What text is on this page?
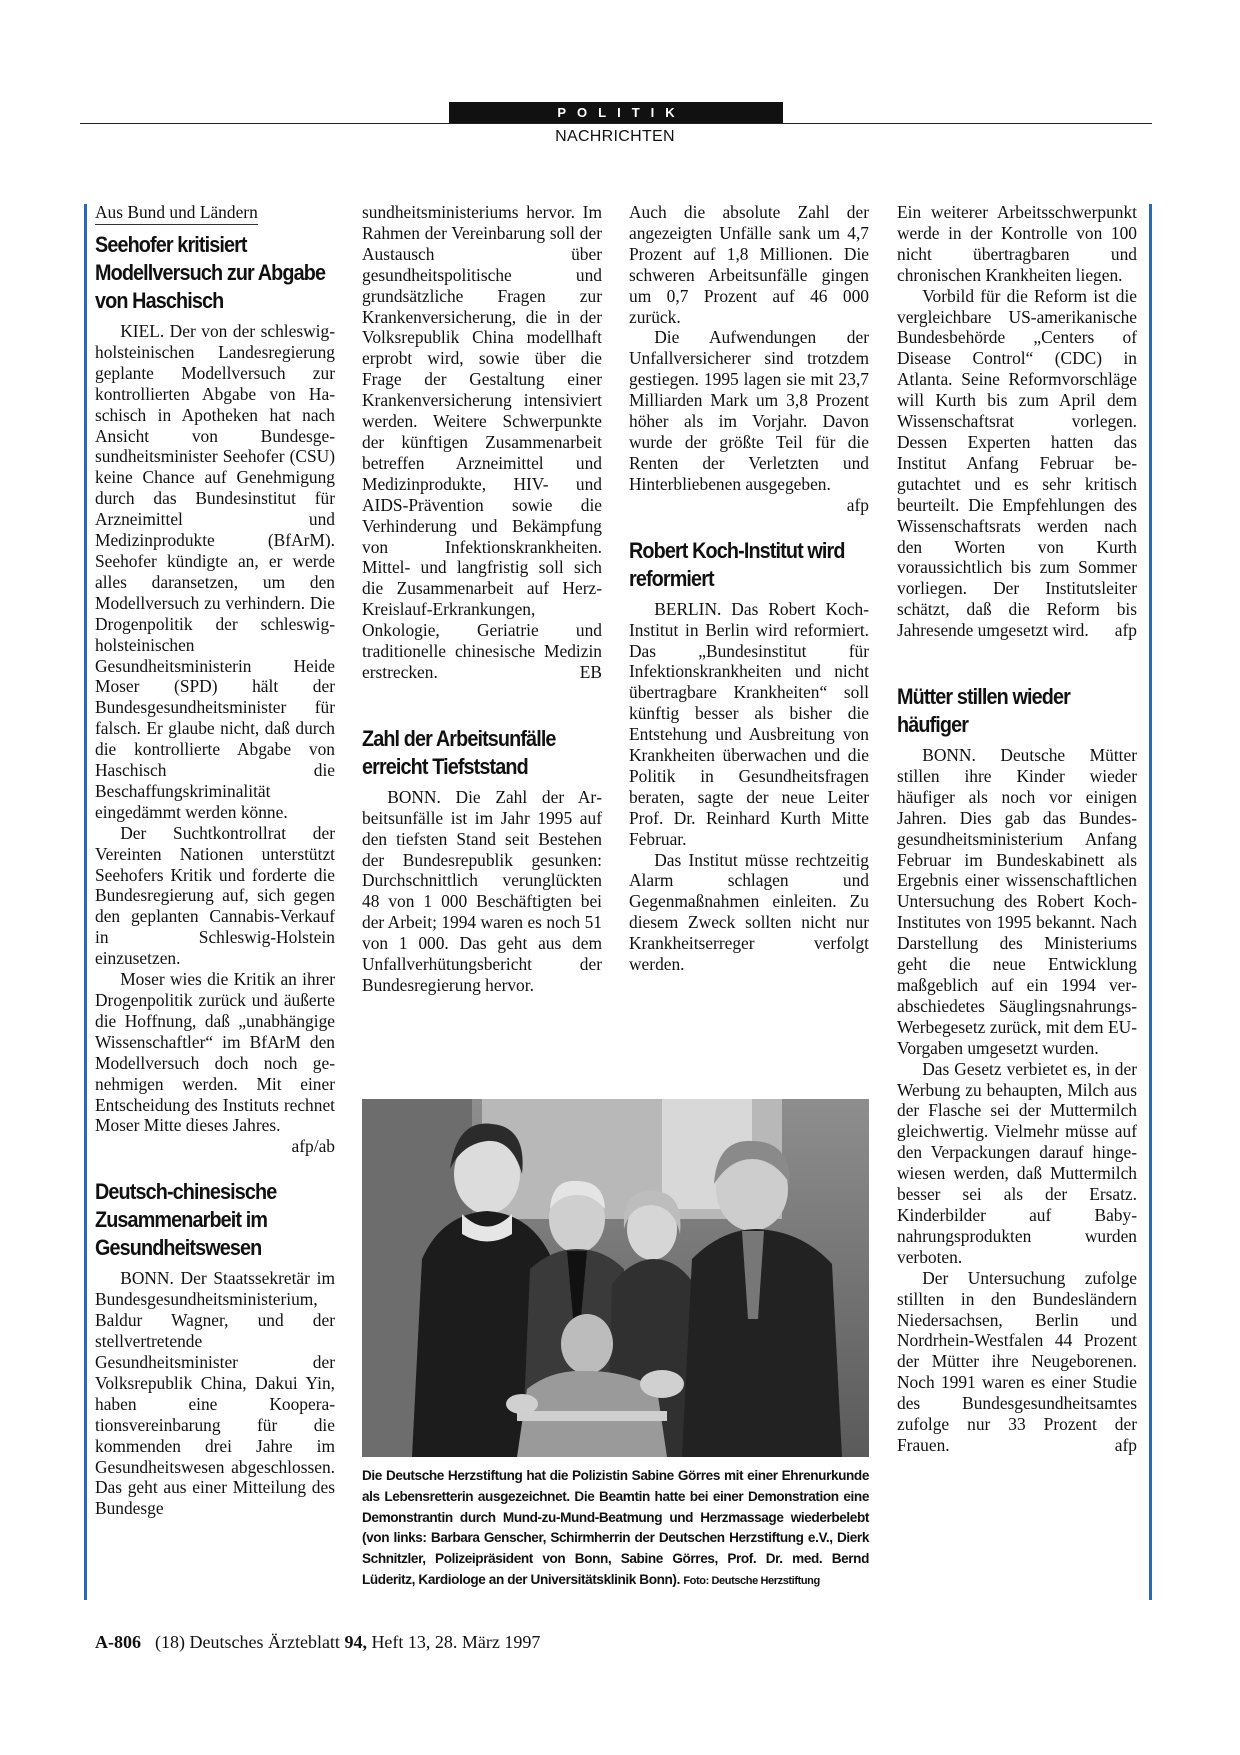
POLITIK
NACHRICHTEN
Aus Bund und Ländern
Seehofer kritisiert Modellversuch zur Abgabe von Haschisch

KIEL. Der von der schleswig-holsteinischen Landesregierung geplante Modellversuch zur kontrollierten Abgabe von Haschisch in Apotheken hat nach Ansicht von Bundesgesundheitsminister Seehofer (CSU) keine Chance auf Genehmigung durch das Bundesinstitut für Arzneimittel und Medizinprodukte (BfArM). Seehofer kündigte an, er werde alles daransetzen, um den Modellversuch zu verhindern. Die Drogenpolitik der schleswig-holsteinischen Gesundheitsministerin Heide Moser (SPD) hält der Bundesgesundheitsminister für falsch. Er glaube nicht, daß durch die kontrollierte Abgabe von Haschisch die Beschaffungskriminalität eingedämmt werden könne.

Der Suchtkontrollrat der Vereinten Nationen unterstützt Seehofers Kritik und forderte die Bundesregierung auf, sich gegen den geplanten Cannabis-Verkauf in Schleswig-Holstein einzusetzen.

Moser wies die Kritik an ihrer Drogenpolitik zurück und äußerte die Hoffnung, daß „unabhängige Wissenschaftler“ im BfArM den Modellversuch doch noch genehmigen werden. Mit einer Entscheidung des Instituts rechnet Moser Mitte dieses Jahres.
afp/ab

Deutsch-chinesische Zusammenarbeit im Gesundheitswesen

BONN. Der Staatssekretär im Bundesgesundheitsministerium, Baldur Wagner, und der stellvertretende Gesundheitsminister der Volksrepublik China, Dakui Yin, haben eine Kooperationsvereinbarung für die kommenden drei Jahre im Gesundheitswesen abgeschlossen. Das geht aus einer Mitteilung des Bundesge

sundheitsministeriums hervor. Im Rahmen der Vereinbarung soll der Austausch über gesundheitspolitische und grundsätzliche Fragen zur Krankenversicherung, die in der Volksrepublik China modellhaft erprobt wird, sowie über die Frage der Gestaltung einer Krankenversicherung intensiviert werden. Weitere Schwerpunkte der künftigen Zusammenarbeit betreffen Arzneimittel und Medizinprodukte, HIV- und AIDS-Prävention sowie die Verhinderung und Bekämpfung von Infektionskrankheiten. Mittel- und langfristig soll sich die Zusammenarbeit auf Herz-Kreislauf-Erkrankungen, Onkologie, Geriatrie und traditionelle chinesische Medizin erstrecken.	EB

Zahl der Arbeitsunfälle erreicht Tiefststand

BONN. Die Zahl der Arbeitsunfälle ist im Jahr 1995 auf den tiefsten Stand seit Bestehen der Bundesrepublik gesunken: Durchschnittlich verunglückten 48 von 1 000 Beschäftigten bei der Arbeit; 1994 waren es noch 51 von 1 000. Das geht aus dem Unfallverhütungsbericht der Bundesregierung hervor.

Auch die absolute Zahl der angezeigten Unfälle sank um 4,7 Prozent auf 1,8 Millionen. Die schweren Arbeitsunfälle gingen um 0,7 Prozent auf 46 000 zurück.

Die Aufwendungen der Unfallversicherer sind trotzdem gestiegen. 1995 lagen sie mit 23,7 Milliarden Mark um 3,8 Prozent höher als im Vorjahr. Davon wurde der größte Teil für die Renten der Verletzten und Hinterbliebenen ausgegeben.
afp

Robert Koch-Institut wird reformiert

BERLIN. Das Robert Koch-Institut in Berlin wird reformiert. Das „Bundesinstitut für Infektionskrankheiten und nicht übertragbare Krankheiten“ soll künftig besser als bisher die Entstehung und Ausbreitung von Krankheiten überwachen und die Politik in Gesundheitsfragen beraten, sagte der neue Leiter Prof. Dr. Reinhard Kurth Mitte Februar.

Das Institut müsse rechtzeitig Alarm schlagen und Gegenmaßnahmen einleiten. Zu diesem Zweck sollten nicht nur Krankheitserreger verfolgt werden.

Ein weiterer Arbeitsschwerpunkt werde in der Kontrolle von 100 nicht übertragbaren und chronischen Krankheiten liegen.

Vorbild für die Reform ist die vergleichbare US-amerikanische Bundesbehörde „Centers of Disease Control“ (CDC) in Atlanta. Seine Reformvorschläge will Kurth bis zum April dem Wissenschaftsrat vorlegen. Dessen Experten hatten das Institut Anfang Februar begutachtet und es sehr kritisch beurteilt. Die Empfehlungen des Wissenschaftsrats werden nach den Worten von Kurth voraussichtlich bis zum Sommer vorliegen. Der Institutsleiter schätzt, daß die Reform bis Jahresende umgesetzt wird.	afp

Mütter stillen wieder häufiger

BONN. Deutsche Mütter stillen ihre Kinder wieder häufiger als noch vor einigen Jahren. Dies gab das Bundesgesundheitsministerium Anfang Februar im Bundeskabinett als Ergebnis einer wissenschaftlichen Untersuchung des Robert Koch-Institutes von 1995 bekannt. Nach Darstellung des Ministeriums geht die neue Entwicklung maßgeblich auf ein 1994 verabschiedetes Säuglingsnahrungs-Werbegesetz zurück, mit dem EU-Vorgaben umgesetzt wurden.

Das Gesetz verbietet es, in der Werbung zu behaupten, Milch aus der Flasche sei der Muttermilch gleichwertig. Vielmehr müsse auf den Verpackungen darauf hingewiesen werden, daß Muttermilch besser sei als der Ersatz. Kinderbilder auf Babynahrungsprodukten wurden verboten.

Der Untersuchung zufolge stillten in den Bundesländern Niedersachsen, Berlin und Nordrhein-Westfalen 44 Prozent der Mütter ihre Neugeborenen. Noch 1991 waren es einer Studie des Bundesgesundheitsamtes zufolge nur 33 Prozent der Frauen.	afp

Die Deutsche Herzstiftung hat die Polizistin Sabine Görres mit einer Ehrenurkunde als Lebensretterin ausgezeichnet. Die Beamtin hatte bei einer Demonstration eine Demonstrantin durch Mund-zu-Mund-Beatmung und Herzmassage wiederbelebt (von links: Barbara Genscher, Schirmherrin der Deutschen Herzstiftung e.V., Dierk Schnitzler, Polizeipräsident von Bonn, Sabine Görres, Prof. Dr. med. Bernd Lüderitz, Kardiologe an der Universitätsklinik Bonn). Foto: Deutsche Herzstiftung
A-806 (18) Deutsches Ärzteblatt 94, Heft 13, 28. März 1997
